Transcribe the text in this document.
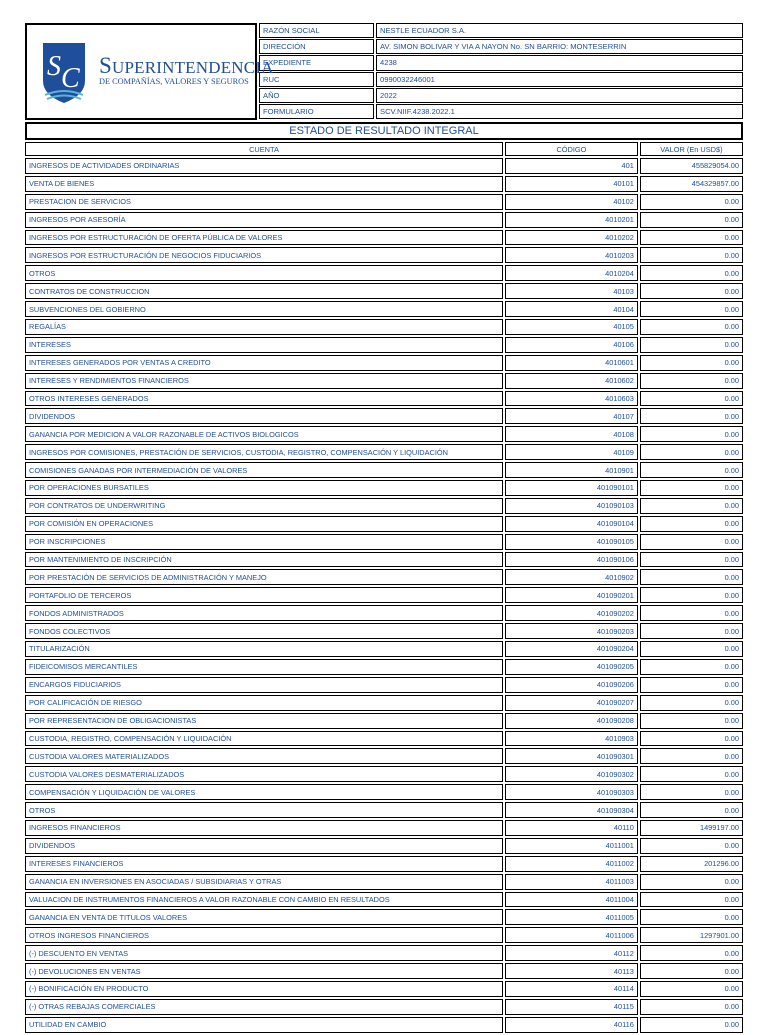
S C SUPERINTENDENCIA
DE COMPAÑÍAS, VALORES Y SEGUROS
RAZÓN SOCIAL	NESTLE ECUADOR S.A.
DIRECCIÓN	AV. SIMON BOLIVAR Y VIA A NAYON No. SN BARRIO: MONTESERRIN
EXPEDIENTE	4238
RUC	0990032246001
AÑO	2022
FORMULARIO	SCV.NIIF.4238.2022.1
ESTADO DE RESULTADO INTEGRAL
CUENTA	CÓDIGO	VALOR (En USD$)
INGRESOS DE ACTIVIDADES ORDINARIAS	401	455829054.00
VENTA DE BIENES	40101	454329857.00
PRESTACION DE SERVICIOS	40102	0.00
INGRESOS POR ASESORÍA	4010201	0.00
INGRESOS POR ESTRUCTURACIÓN DE OFERTA PÚBLICA DE VALORES	4010202	0.00
INGRESOS POR ESTRUCTURACIÓN DE NEGOCIOS FIDUCIARIOS	4010203	0.00
OTROS	4010204	0.00
CONTRATOS DE CONSTRUCCION	40103	0.00
SUBVENCIONES DEL GOBIERNO	40104	0.00
REGALÍAS	40105	0.00
INTERESES	40106	0.00
INTERESES GENERADOS POR VENTAS A CREDITO	4010601	0.00
INTERESES Y RENDIMIENTOS FINANCIEROS	4010602	0.00
OTROS INTERESES GENERADOS	4010603	0.00
DIVIDENDOS	40107	0.00
GANANCIA POR MEDICION A VALOR RAZONABLE DE ACTIVOS BIOLOGICOS	40108	0.00
INGRESOS POR COMISIONES, PRESTACIÓN DE SERVICIOS, CUSTODIA, REGISTRO, COMPENSACIÓN Y LIQUIDACIÓN	40109	0.00
COMISIONES GANADAS POR INTERMEDIACIÓN DE VALORES	4010901	0.00
POR OPERACIONES BURSATILES	401090101	0.00
POR CONTRATOS DE UNDERWRITING	401090103	0.00
POR COMISIÓN EN OPERACIONES	401090104	0.00
POR INSCRIPCIONES	401090105	0.00
POR MANTENIMIENTO DE INSCRIPCIÓN	401090106	0.00
POR PRESTACIÓN DE SERVICIOS DE ADMINISTRACIÓN Y MANEJO	4010902	0.00
PORTAFOLIO DE TERCEROS	401090201	0.00
FONDOS ADMINISTRADOS	401090202	0.00
FONDOS COLECTIVOS	401090203	0.00
TITULARIZACIÓN	401090204	0.00
FIDEICOMISOS MERCANTILES	401090205	0.00
ENCARGOS FIDUCIARIOS	401090206	0.00
POR CALIFICACIÓN DE RIESGO	401090207	0.00
POR REPRESENTACION DE OBLIGACIONISTAS	401090208	0.00
CUSTODIA, REGISTRO, COMPENSACIÓN Y LIQUIDACIÓN	4010903	0.00
CUSTODIA VALORES MATERIALIZADOS	401090301	0.00
CUSTODIA VALORES DESMATERIALIZADOS	401090302	0.00
COMPENSACIÓN Y LIQUIDACIÓN DE VALORES	401090303	0.00
OTROS	401090304	0.00
INGRESOS FINANCIEROS	40110	1499197.00
DIVIDENDOS	4011001	0.00
INTERESES FINANCIEROS	4011002	201296.00
GANANCIA EN INVERSIONES EN ASOCIADAS / SUBSIDIARIAS Y OTRAS	4011003	0.00
VALUACION DE INSTRUMENTOS FINANCIEROS A VALOR RAZONABLE CON CAMBIO EN RESULTADOS	4011004	0.00
GANANCIA EN VENTA DE TITULOS VALORES	4011005	0.00
OTROS INGRESOS FINANCIEROS	4011006	1297901.00
(-) DESCUENTO EN VENTAS	40112	0.00
(-) DEVOLUCIONES EN VENTAS	40113	0.00
(-) BONIFICACIÓN EN PRODUCTO	40114	0.00
(-) OTRAS REBAJAS COMERCIALES	40115	0.00
UTILIDAD EN CAMBIO	40116	0.00
